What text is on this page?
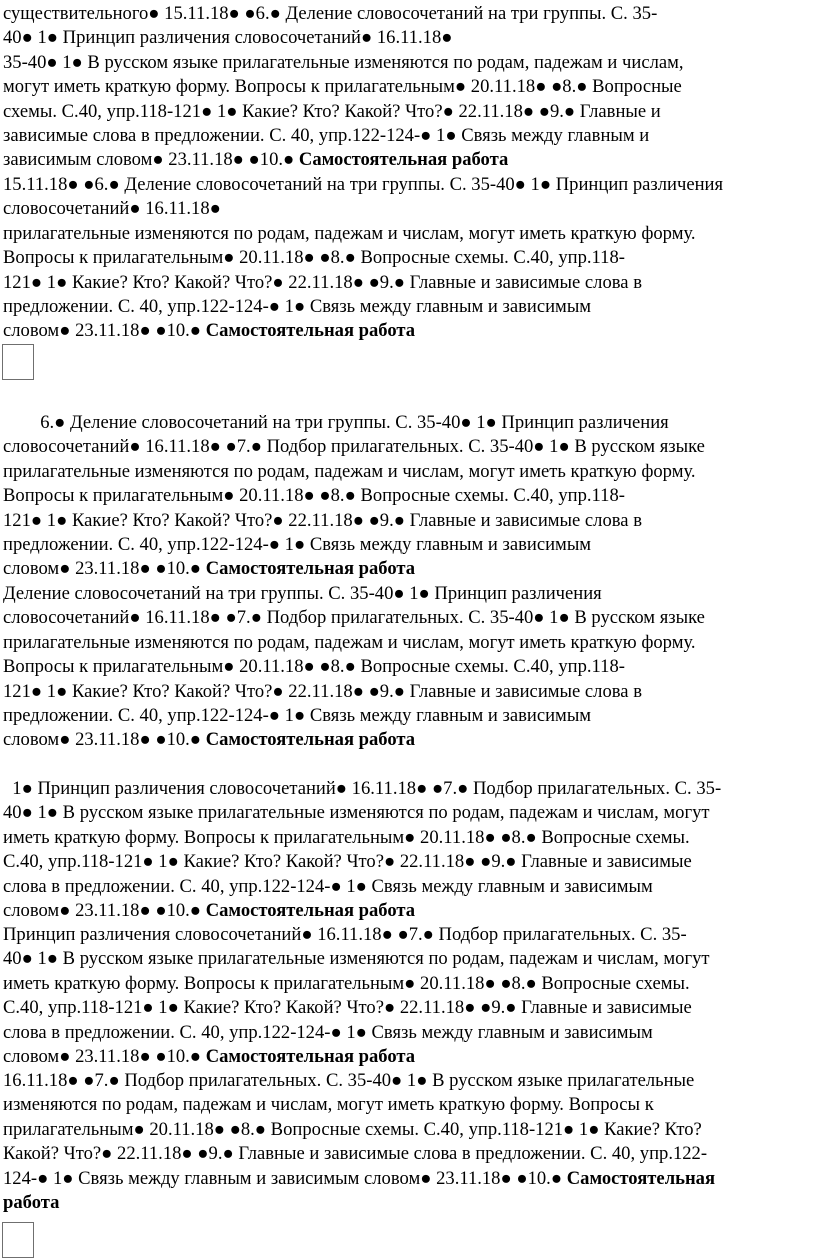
существительного● 15.11.18● ●6.● Деление словосочетаний на три группы. С. 35-
40● 1● Принцип различения словосочетаний● 16.11.18●
35-40● 1● В русском языке прилагательные изменяются по родам, падежам и числам,
могут иметь краткую форму. Вопросы к прилагательным● 20.11.18● ●8.● Вопросные
схемы. С.40, упр.118-121● 1● Какие? Кто? Какой? Что?● 22.11.18● ●9.● Главные и
зависимые слова в предложении. С. 40, упр.122-124-● 1● Связь между главным и
зависимым словом● 23.11.18● ●10.● Самостоятельная работа

15.11.18● ●6.● Деление словосочетаний на три группы. С. 35-40● 1● Принцип различения
словосочетаний● 16.11.18●
прилагательные изменяются по родам, падежам и числам, могут иметь краткую форму.
Вопросы к прилагательным● 20.11.18● ●8.● Вопросные схемы. С.40, упр.118-
121● 1● Какие? Кто? Какой? Что?● 22.11.18● ●9.● Главные и зависимые слова в
предложении. С. 40, упр.122-124-● 1● Связь между главным и зависимым
словом● 23.11.18● ●10.● Самостоятельная работа

6.● Деление словосочетаний на три группы. С. 35-40● 1● Принцип различения
словосочетаний● 16.11.18● ●7.● Подбор прилагательных. С. 35-40● 1● В русском языке
прилагательные изменяются по родам, падежам и числам, могут иметь краткую форму.
Вопросы к прилагательным● 20.11.18● ●8.● Вопросные схемы. С.40, упр.118-
121● 1● Какие? Кто? Какой? Что?● 22.11.18● ●9.● Главные и зависимые слова в
предложении. С. 40, упр.122-124-● 1● Связь между главным и зависимым
словом● 23.11.18● ●10.● Самостоятельная работа

Деление словосочетаний на три группы. С. 35-40● 1● Принцип различения
словосочетаний● 16.11.18● ●7.● Подбор прилагательных. С. 35-40● 1● В русском языке
прилагательные изменяются по родам, падежам и числам, могут иметь краткую форму.
Вопросы к прилагательным● 20.11.18● ●8.● Вопросные схемы. С.40, упр.118-
121● 1● Какие? Кто? Какой? Что?● 22.11.18● ●9.● Главные и зависимые слова в
предложении. С. 40, упр.122-124-● 1● Связь между главным и зависимым
словом● 23.11.18● ●10.● Самостоятельная работа

1● Принцип различения словосочетаний● 16.11.18● ●7.● Подбор прилагательных. С. 35-
40● 1● В русском языке прилагательные изменяются по родам, падежам и числам, могут
иметь краткую форму. Вопросы к прилагательным● 20.11.18● ●8.● Вопросные схемы.
С.40, упр.118-121● 1● Какие? Кто? Какой? Что?● 22.11.18● ●9.● Главные и зависимые
слова в предложении. С. 40, упр.122-124-● 1● Связь между главным и зависимым
словом● 23.11.18● ●10.● Самостоятельная работа

Принцип различения словосочетаний● 16.11.18● ●7.● Подбор прилагательных. С. 35-
40● 1● В русском языке прилагательные изменяются по родам, падежам и числам, могут
иметь краткую форму. Вопросы к прилагательным● 20.11.18● ●8.● Вопросные схемы.
С.40, упр.118-121● 1● Какие? Кто? Какой? Что?● 22.11.18● ●9.● Главные и зависимые
слова в предложении. С. 40, упр.122-124-● 1● Связь между главным и зависимым
словом● 23.11.18● ●10.● Самостоятельная работа

16.11.18● ●7.● Подбор прилагательных. С. 35-40● 1● В русском языке прилагательные
изменяются по родам, падежам и числам, могут иметь краткую форму. Вопросы к
прилагательным● 20.11.18● ●8.● Вопросные схемы. С.40, упр.118-121● 1● Какие? Кто?
Какой? Что?● 22.11.18● ●9.● Главные и зависимые слова в предложении. С. 40, упр.122-
124-● 1● Связь между главным и зависимым словом● 23.11.18● ●10.● Самостоятельная
работа
